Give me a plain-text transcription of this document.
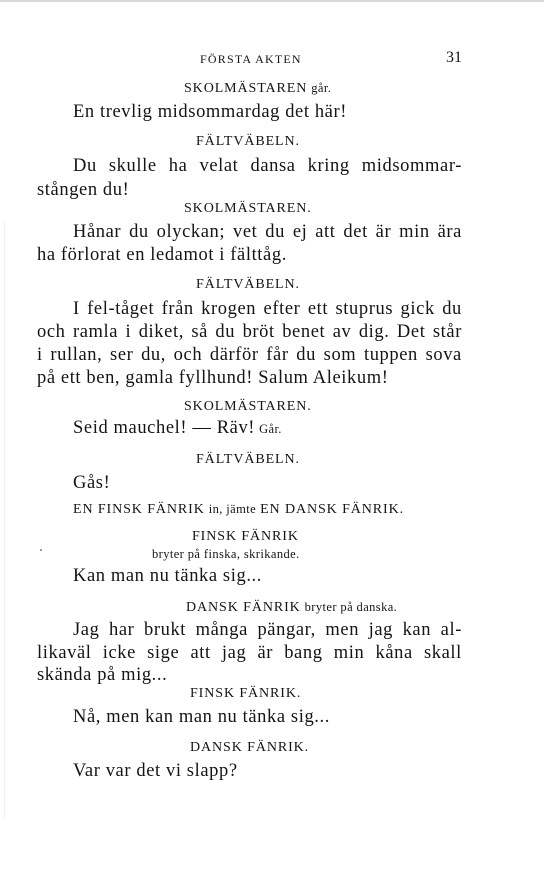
FÖRSTA AKTEN	31
SKOLMÄSTAREN går.
En trevlig midsommardag det här!
FÄLTVÄBELN.
Du skulle ha velat dansa kring midsommar-
stången du!
SKOLMÄSTAREN.
Hånar du olyckan; vet du ej att det är min ära
ha förlorat en ledamot i fälttåg.
FÄLTVÄBELN.
I fel-tåget från krogen efter ett stuprus gick du
och ramla i diket, så du bröt benet av dig. Det står
i rullan, ser du, och därför får du som tuppen sova
på ett ben, gamla fyllhund! Salum Aleikum!
SKOLMÄSTAREN.
Seid mauchel! — Räv! Går.
FÄLTVÄBELN.
Gås!
EN FINSK FÄNRIK in, jämte EN DANSK FÄNRIK.
FINSK FÄNRIK
bryter på finska, skrikande.
Kan man nu tänka sig...
DANSK FÄNRIK bryter på danska.
Jag har brukt många pängar, men jag kan al-
likaväl icke sige att jag är bang min kåna skall
skända på mig...
FINSK FÄNRIK.
Nå, men kan man nu tänka sig...
DANSK FÄNRIK.
Var var det vi slapp?
